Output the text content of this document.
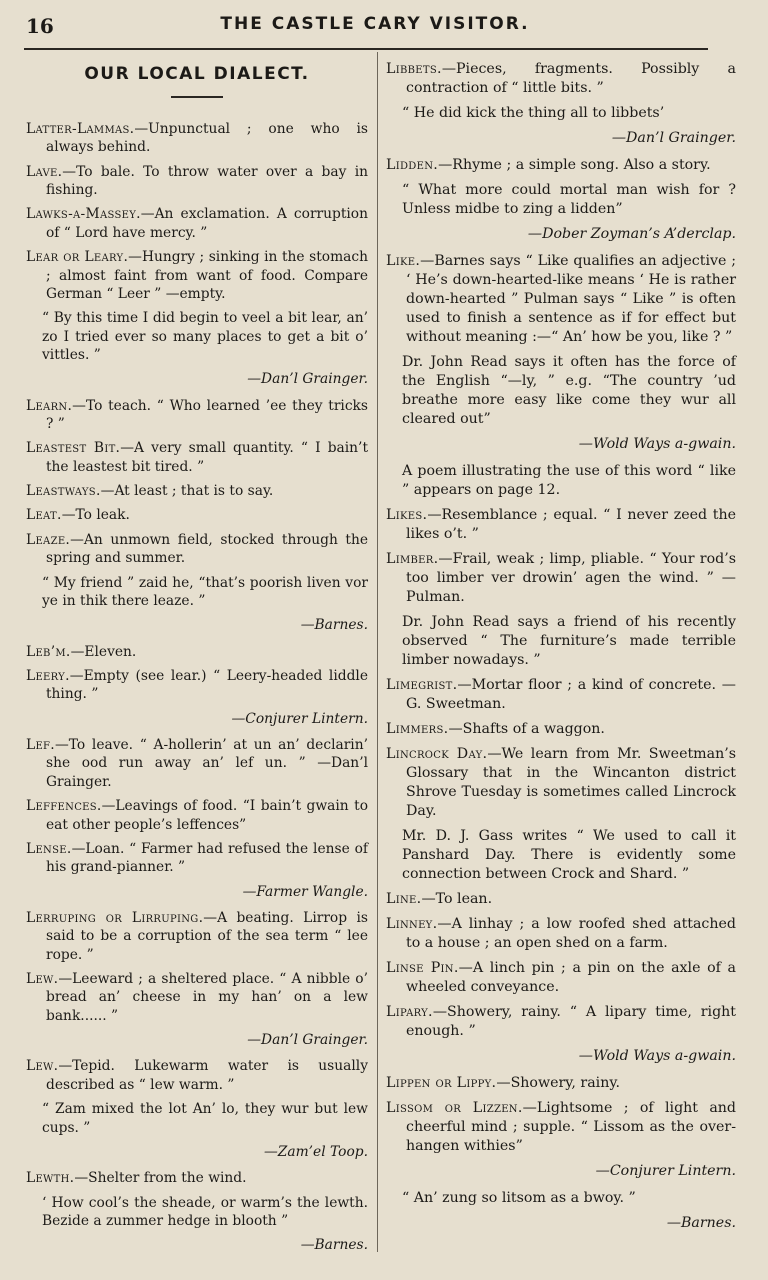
16	THE CASTLE CARY VISITOR.
OUR LOCAL DIALECT.
Latter-Lammas.—Unpunctual ; one who is always behind.
Lave.—To bale. To throw water over a bay in fishing.
Lawks-a-Massey.—An exclamation. A corruption of “ Lord have mercy. ”
Lear or Leary.—Hungry ; sinking in the stomach ; almost faint from want of food. Compare German “ Leer ” —empty.
“ By this time I did begin to veel a bit lear, an’ zo I tried ever so many places to get a bit o’ vittles. ”
—Dan’l Grainger.
Learn.—To teach. “ Who learned ’ee they tricks ? ”
Leastest Bit.—A very small quantity. “ I bain’t the leastest bit tired. ”
Leastways.—At least ; that is to say.
Leat.—To leak.
Leaze.—An unmown field, stocked through the spring and summer.
“ My friend ” zaid he, “that’s poorish liven vor ye in thik there leaze. ”
—Barnes.
Leb’m.—Eleven.
Leery.—Empty (see lear.) “ Leery-headed liddle thing. ”
—Conjurer Lintern.
Lef.—To leave. “ A-hollerin’ at un an’ declarin’ she ood run away an’ lef un. ” —Dan’l Grainger.
Leffences.—Leavings of food. “I bain’t gwain to eat other people’s leffences”
Lense.—Loan. “ Farmer had refused the lense of his grand-pianner. ”
—Farmer Wangle.
Lerruping or Lirruping.—A beating. Lirrop is said to be a corruption of the sea term “ lee rope. ”
Lew.—Leeward ; a sheltered place. “ A nibble o’ bread an’ cheese in my han’ on a lew bank...... ”
—Dan’l Grainger.
Lew.—Tepid. Lukewarm water is usually described as “ lew warm. ”
“ Zam mixed the lot An’ lo, they wur but lew cups. ”
—Zam’el Toop.
Lewth.—Shelter from the wind.
‘ How cool’s the sheade, or warm’s the lewth. Bezide a zummer hedge in blooth ”
—Barnes.
Libbets.—Pieces, fragments. Possibly a contraction of “ little bits. ”
“ He did kick the thing all to libbets’
—Dan’l Grainger.
Lidden.—Rhyme ; a simple song. Also a story.
“ What more could mortal man wish for ? Unless midbe to zing a lidden”
—Dober Zoyman’s A’derclap.
Like.—Barnes says “ Like qualifies an adjective ; ‘ He’s down-hearted-like means ‘ He is rather down-hearted ” Pulman says “ Like ” is often used to finish a sentence as if for effect but without meaning :—“ An’ how be you, like ? ”
Dr. John Read says it often has the force of the English “—ly, ” e.g. “The country ’ud breathe more easy like come they wur all cleared out”
—Wold Ways a-gwain.
A poem illustrating the use of this word “ like ” appears on page 12.
Likes.—Resemblance ; equal. “ I never zeed the likes o’t. ”
Limber.—Frail, weak ; limp, pliable. “ Your rod’s too limber ver drowin’ agen the wind. ” —Pulman.
Dr. John Read says a friend of his recently observed “ The furniture’s made terrible limber nowadays. ”
Limegrist.—Mortar floor ; a kind of concrete. —G. Sweetman.
Limmers.—Shafts of a waggon.
Lincrock Day.—We learn from Mr. Sweetman’s Glossary that in the Wincanton district Shrove Tuesday is sometimes called Lincrock Day.
Mr. D. J. Gass writes “ We used to call it Panshard Day. There is evidently some connection between Crock and Shard. ”
Line.—To lean.
Linney.—A linhay ; a low roofed shed attached to a house ; an open shed on a farm.
Linse Pin.—A linch pin ; a pin on the axle of a wheeled conveyance.
Lipary.—Showery, rainy. “ A lipary time, right enough. ”
—Wold Ways a-gwain.
Lippen or Lippy.—Showery, rainy.
Lissom or Lizzen.—Lightsome ; of light and cheerful mind ; supple. “ Lissom as the over-hangen withies”
—Conjurer Lintern.
“ An’ zung so litsom as a bwoy. ”
—Barnes.
